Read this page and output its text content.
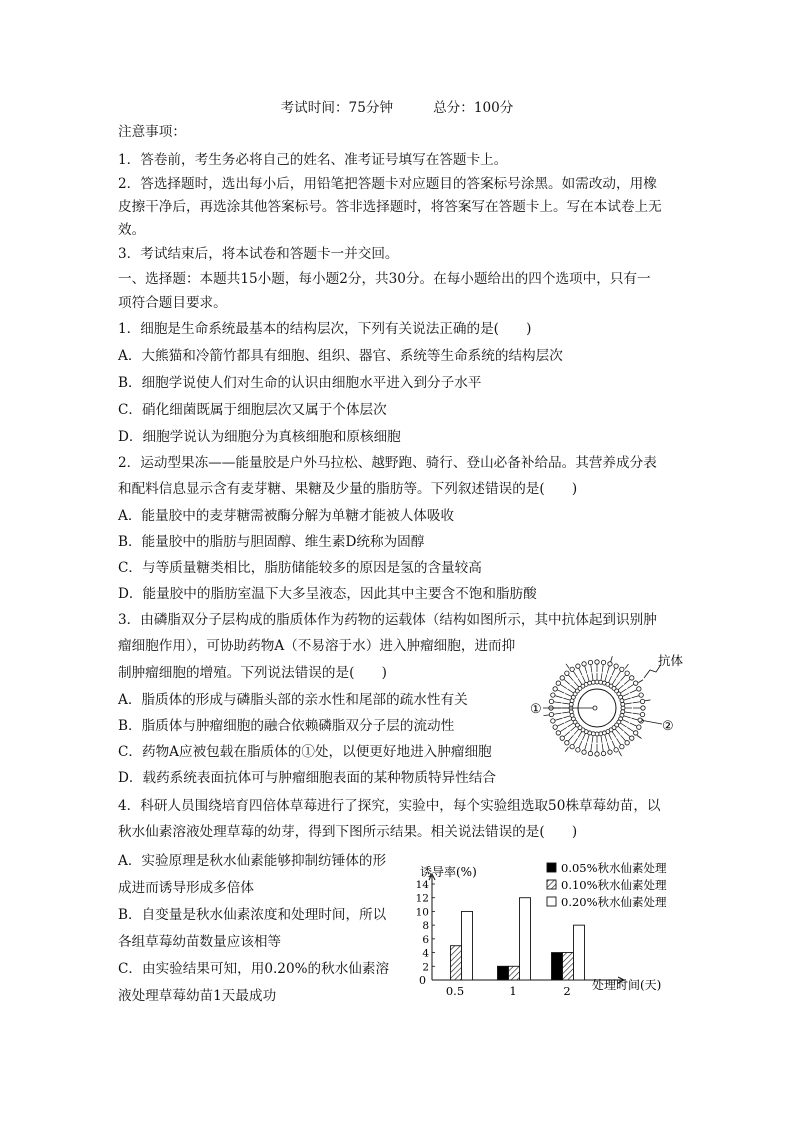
考试时间：75分钟	总分：100分
注意事项：
1．答卷前，考生务必将自己的姓名、准考证号填写在答题卡上。
2．答选择题时，选出每小后，用铅笔把答题卡对应题目的答案标号涂黑。如需改动，用橡
皮擦干净后，再选涂其他答案标号。答非选择题时，将答案写在答题卡上。写在本试卷上无
效。
3．考试结束后，将本试卷和答题卡一并交回。
一、选择题：本题共15小题，每小题2分，共30分。在每小题给出的四个选项中，只有一
项符合题目要求。
1．细胞是生命系统最基本的结构层次，下列有关说法正确的是(　　)
A．大熊猫和冷箭竹都具有细胞、组织、器官、系统等生命系统的结构层次
B．细胞学说使人们对生命的认识由细胞水平进入到分子水平
C．硝化细菌既属于细胞层次又属于个体层次
D．细胞学说认为细胞分为真核细胞和原核细胞
2．运动型果冻——能量胶是户外马拉松、越野跑、骑行、登山必备补给品。其营养成分表
和配料信息显示含有麦芽糖、果糖及少量的脂肪等。下列叙述错误的是(　　)
A．能量胶中的麦芽糖需被酶分解为单糖才能被人体吸收
B．能量胶中的脂肪与胆固醇、维生素D统称为固醇
C．与等质量糖类相比，脂肪储能较多的原因是氢的含量较高
D．能量胶中的脂肪室温下大多呈液态，因此其中主要含不饱和脂肪酸
3．由磷脂双分子层构成的脂质体作为药物的运载体（结构如图所示，其中抗体起到识别肿
瘤细胞作用），可协助药物A（不易溶于水）进入肿瘤细胞，进而抑
制肿瘤细胞的增殖。下列说法错误的是(　　)
A．脂质体的形成与磷脂头部的亲水性和尾部的疏水性有关
B．脂质体与肿瘤细胞的融合依赖磷脂双分子层的流动性
C．药物A应被包载在脂质体的①处，以便更好地进入肿瘤细胞
D．载药系统表面抗体可与肿瘤细胞表面的某种物质特异性结合
①
②
抗体
4．科研人员围绕培育四倍体草莓进行了探究，实验中，每个实验组选取50株草莓幼苗，以
秋水仙素溶液处理草莓的幼芽，得到下图所示结果。相关说法错误的是(　　)
A．实验原理是秋水仙素能够抑制纺锤体的形
成进而诱导形成多倍体
B．自变量是秋水仙素浓度和处理时间，所以
各组草莓幼苗数量应该相等
C．由实验结果可知，用0.20%的秋水仙素溶
液处理草莓幼苗1天最成功
2
4
6
8
10
12
14
0.5	1	2
0.05%秋水仙素处理
0.10%秋水仙素处理
0.20%秋水仙素处理
诱导率(%)
处理时间(天)
0
